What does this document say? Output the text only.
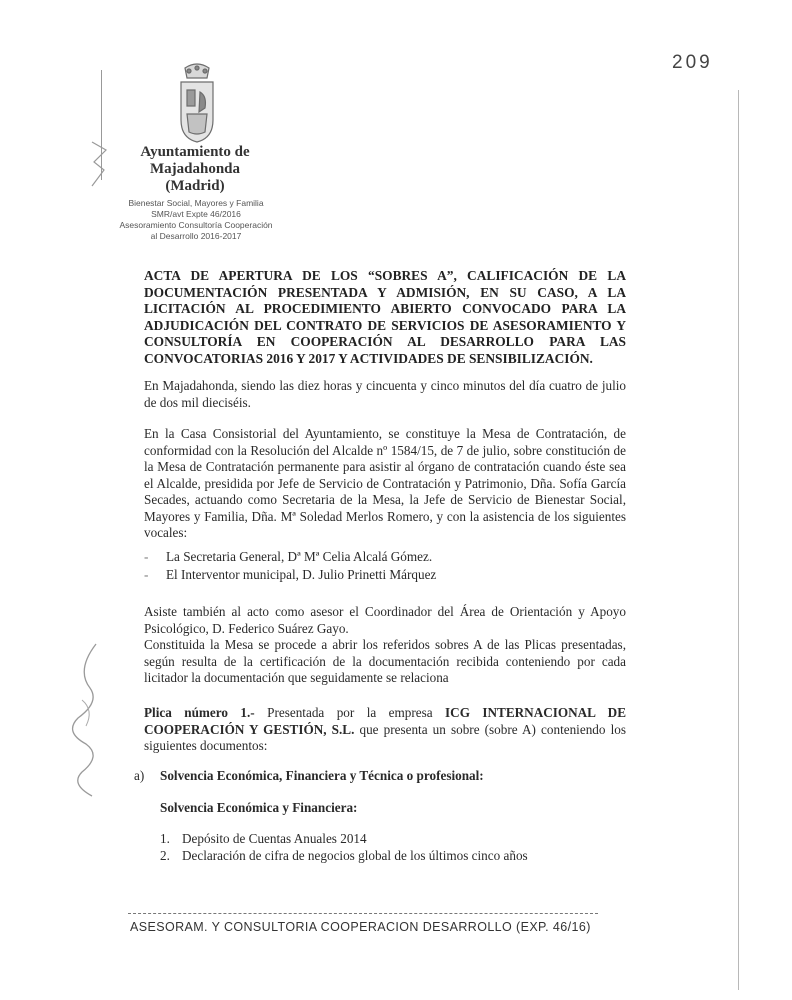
209
Ayuntamiento de
Majadahonda
(Madrid)
Bienestar Social, Mayores y Familia
SMR/avt Expte 46/2016
Asesoramiento Consultoría Cooperación
al Desarrollo 2016-2017
ACTA DE APERTURA DE LOS “SOBRES A”, CALIFICACIÓN DE LA DOCUMENTACIÓN PRESENTADA Y ADMISIÓN, EN SU CASO, A LA LICITACIÓN AL PROCEDIMIENTO ABIERTO CONVOCADO PARA LA ADJUDICACIÓN DEL CONTRATO DE SERVICIOS DE ASESORAMIENTO Y CONSULTORÍA EN COOPERACIÓN AL DESARROLLO PARA LAS CONVOCATORIAS 2016 Y 2017 Y ACTIVIDADES DE SENSIBILIZACIÓN.
En Majadahonda, siendo las diez horas y cincuenta y cinco minutos del día cuatro de julio de dos mil dieciséis.
En la Casa Consistorial del Ayuntamiento, se constituye la Mesa de Contratación, de conformidad con la Resolución del Alcalde nº 1584/15, de 7 de julio, sobre constitución de la Mesa de Contratación permanente para asistir al órgano de contratación cuando éste sea el Alcalde, presidida por Jefe de Servicio de Contratación y Patrimonio, Dña. Sofía García Secades, actuando como Secretaria de la Mesa, la Jefe de Servicio de Bienestar Social, Mayores y Familia, Dña. Mª Soledad Merlos Romero, y con la asistencia de los siguientes vocales:
- La Secretaria General, Dª Mª Celia Alcalá Gómez.
- El Interventor municipal, D. Julio Prinetti Márquez
Asiste también al acto como asesor el Coordinador del Área de Orientación y Apoyo Psicológico, D. Federico Suárez Gayo.
Constituida la Mesa se procede a abrir los referidos sobres A de las Plicas presentadas, según resulta de la certificación de la documentación recibida conteniendo por cada licitador la documentación que seguidamente se relaciona
Plica número 1.- Presentada por la empresa ICG INTERNACIONAL DE COOPERACIÓN Y GESTIÓN, S.L. que presenta un sobre (sobre A) conteniendo los siguientes documentos:
a) Solvencia Económica, Financiera y Técnica o profesional:
Solvencia Económica y Financiera:
1. Depósito de Cuentas Anuales 2014
2. Declaración de cifra de negocios global de los últimos cinco años
ASESORAM. Y CONSULTORIA COOPERACION DESARROLLO (EXP. 46/16)
